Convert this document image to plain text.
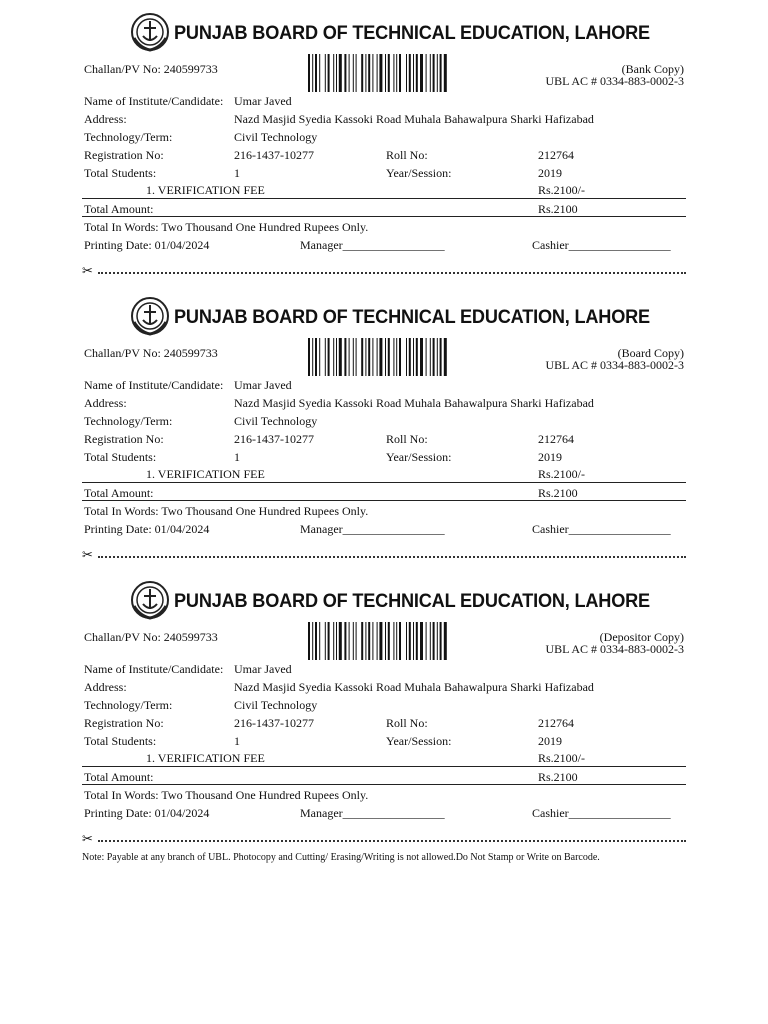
PUNJAB BOARD OF TECHNICAL EDUCATION, LAHORE
Challan/PV No: 240599733	(Bank Copy)
UBL AC # 0334-883-0002-3
Name of Institute/Candidate: Umar Javed
Address:	Nazd Masjid Syedia Kassoki Road Muhala Bahawalpura Sharki Hafizabad
Technology/Term:	Civil Technology
Registration No:	216-1437-10277	Roll No:	212764
Total Students:	1	Year/Session:	2019
1. VERIFICATION FEE	Rs.2100/-
Total Amount:	Rs.2100
Total In Words: Two Thousand One Hundred Rupees Only.
Printing Date: 01/04/2024	Manager_________________	Cashier_________________
✂
PUNJAB BOARD OF TECHNICAL EDUCATION, LAHORE
Challan/PV No: 240599733	(Board Copy)
UBL AC # 0334-883-0002-3
Name of Institute/Candidate: Umar Javed
Address:	Nazd Masjid Syedia Kassoki Road Muhala Bahawalpura Sharki Hafizabad
Technology/Term:	Civil Technology
Registration No:	216-1437-10277	Roll No:	212764
Total Students:	1	Year/Session:	2019
1. VERIFICATION FEE	Rs.2100/-
Total Amount:	Rs.2100
Total In Words: Two Thousand One Hundred Rupees Only.
Printing Date: 01/04/2024	Manager_________________	Cashier_________________
✂
PUNJAB BOARD OF TECHNICAL EDUCATION, LAHORE
Challan/PV No: 240599733	(Depositor Copy)
UBL AC # 0334-883-0002-3
Name of Institute/Candidate: Umar Javed
Address:	Nazd Masjid Syedia Kassoki Road Muhala Bahawalpura Sharki Hafizabad
Technology/Term:	Civil Technology
Registration No:	216-1437-10277	Roll No:	212764
Total Students:	1	Year/Session:	2019
1. VERIFICATION FEE	Rs.2100/-
Total Amount:	Rs.2100
Total In Words: Two Thousand One Hundred Rupees Only.
Printing Date: 01/04/2024	Manager_________________	Cashier_________________
✂
Note: Payable at any branch of UBL. Photocopy and Cutting/ Erasing/Writing is not allowed.Do Not Stamp or Write on Barcode.
